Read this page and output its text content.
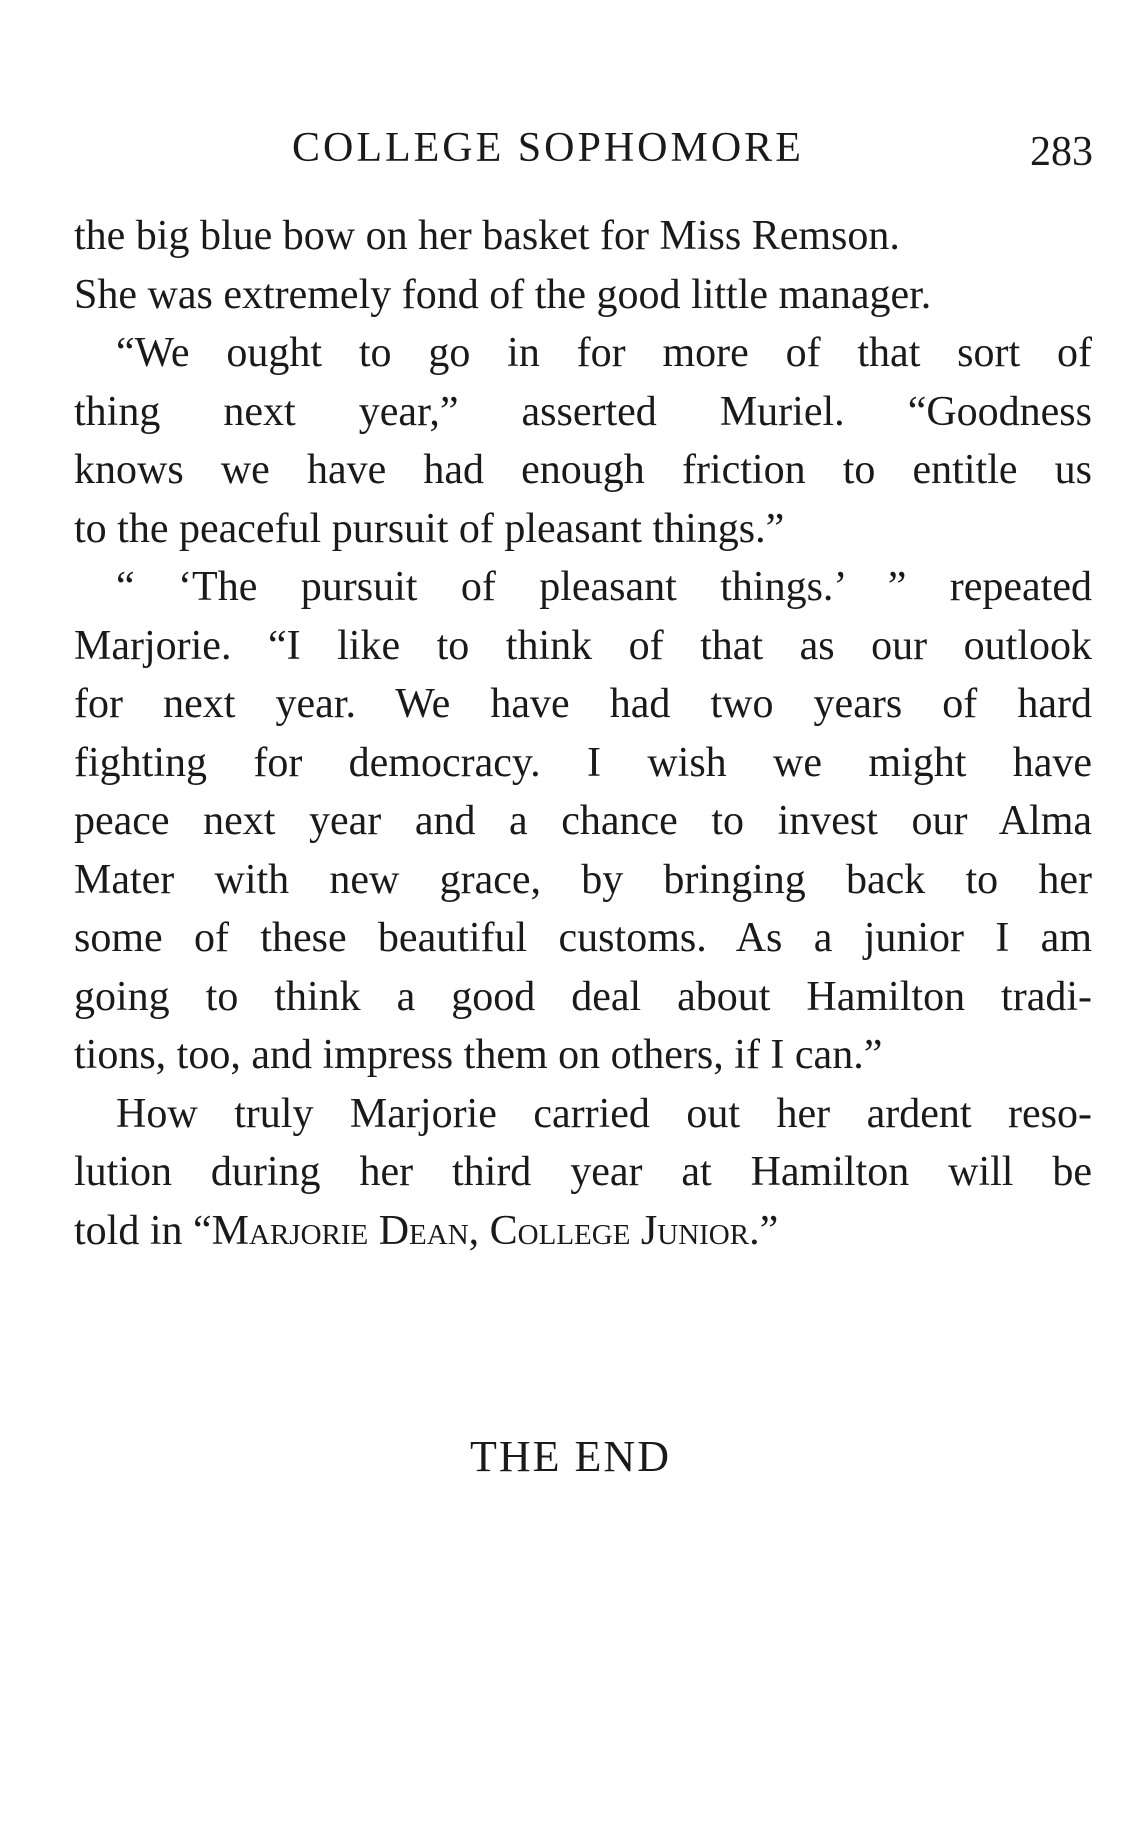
COLLEGE SOPHOMORE	283
the big blue bow on her basket for Miss Remson.
She was extremely fond of the good little manager.
“We ought to go in for more of that sort of
thing next year,” asserted Muriel. “Goodness
knows we have had enough friction to entitle us
to the peaceful pursuit of pleasant things.”
“ ‘The pursuit of pleasant things.’ ” repeated
Marjorie. “I like to think of that as our outlook
for next year. We have had two years of hard
fighting for democracy. I wish we might have
peace next year and a chance to invest our Alma
Mater with new grace, by bringing back to her
some of these beautiful customs. As a junior I am
going to think a good deal about Hamilton tradi-
tions, too, and impress them on others, if I can.”
How truly Marjorie carried out her ardent reso-
lution during her third year at Hamilton will be
told in “Marjorie Dean, College Junior.”
THE END
